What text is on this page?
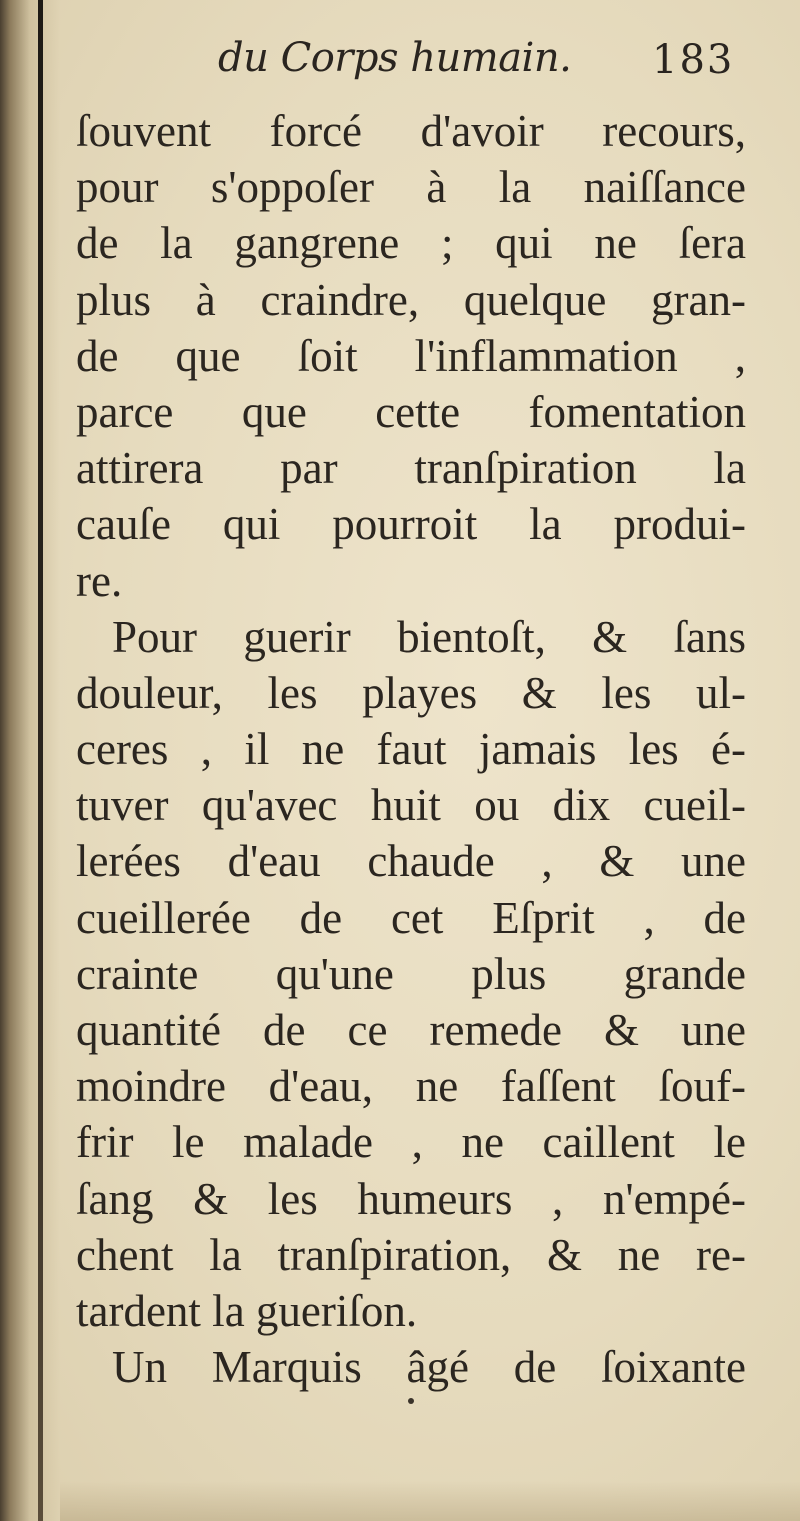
du Corps humain. 183
ſouvent forcé d'avoir recours,
pour s'oppoſer à la naiſſance
de la gangrene ; qui ne ſera
plus à craindre, quelque gran-
de que ſoit l'inflammation ,
parce que cette fomentation
attirera par tranſpiration la
cauſe qui pourroit la produi-
re.
Pour guerir bientoſt, & ſans
douleur, les playes & les ul-
ceres , il ne faut jamais les é-
tuver qu'avec huit ou dix cueil-
lerées d'eau chaude , & une
cueillerée de cet Eſprit , de
crainte qu'une plus grande
quantité de ce remede & une
moindre d'eau, ne faſſent ſouf-
frir le malade , ne caillent le
ſang & les humeurs , n'empé-
chent la tranſpiration, & ne re-
tardent la gueriſon.
Un Marquis âgé de ſoixante
